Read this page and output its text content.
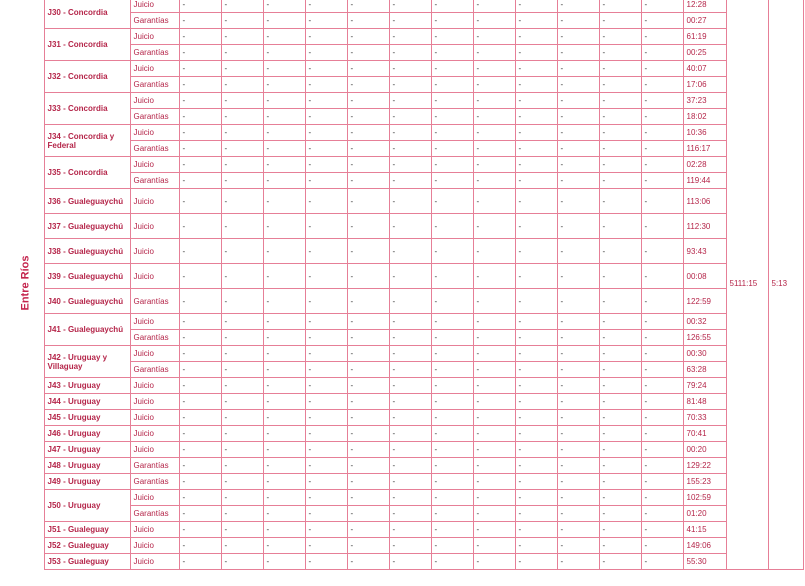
Entre Ríos	J30 - Concordia	Juicio	-	-	-	-	-	-	-	-	-	-	-	-	12:28	5111:15	5:13
		Garantías	-	-	-	-	-	-	-	-	-	-	-	-	00:27		
	J31 - Concordia	Juicio	-	-	-	-	-	-	-	-	-	-	-	-	61:19		
		Garantías	-	-	-	-	-	-	-	-	-	-	-	-	00:25		
	J32 - Concordia	Juicio	-	-	-	-	-	-	-	-	-	-	-	-	40:07		
		Garantías	-	-	-	-	-	-	-	-	-	-	-	-	17:06		
	J33 - Concordia	Juicio	-	-	-	-	-	-	-	-	-	-	-	-	37:23		
		Garantías	-	-	-	-	-	-	-	-	-	-	-	-	18:02		
	J34 - Concordia y Federal	Juicio	-	-	-	-	-	-	-	-	-	-	-	-	10:36		
		Garantías	-	-	-	-	-	-	-	-	-	-	-	-	116:17		
	J35 - Concordia	Juicio	-	-	-	-	-	-	-	-	-	-	-	-	02:28		
		Garantías	-	-	-	-	-	-	-	-	-	-	-	-	119:44		
	J36 - Gualeguaychú	Juicio	-	-	-	-	-	-	-	-	-	-	-	-	113:06		
	J37 - Gualeguaychú	Juicio	-	-	-	-	-	-	-	-	-	-	-	-	112:30		
	J38 - Gualeguaychú	Juicio	-	-	-	-	-	-	-	-	-	-	-	-	93:43		
	J39 - Gualeguaychú	Juicio	-	-	-	-	-	-	-	-	-	-	-	-	00:08		
	J40 - Gualeguaychú	Garantías	-	-	-	-	-	-	-	-	-	-	-	-	122:59		
	J41 - Gualeguaychú	Juicio	-	-	-	-	-	-	-	-	-	-	-	-	00:32		
		Garantías	-	-	-	-	-	-	-	-	-	-	-	-	126:55		
	J42 - Uruguay y Villaguay	Juicio	-	-	-	-	-	-	-	-	-	-	-	-	00:30		
		Garantías	-	-	-	-	-	-	-	-	-	-	-	-	63:28		
	J43 - Uruguay	Juicio	-	-	-	-	-	-	-	-	-	-	-	-	79:24		
	J44 - Uruguay	Juicio	-	-	-	-	-	-	-	-	-	-	-	-	81:48		
	J45 - Uruguay	Juicio	-	-	-	-	-	-	-	-	-	-	-	-	70:33		
	J46 - Uruguay	Juicio	-	-	-	-	-	-	-	-	-	-	-	-	70:41		
	J47 - Uruguay	Juicio	-	-	-	-	-	-	-	-	-	-	-	-	00:20		
	J48 - Uruguay	Garantías	-	-	-	-	-	-	-	-	-	-	-	-	129:22		
	J49 - Uruguay	Garantías	-	-	-	-	-	-	-	-	-	-	-	-	155:23		
	J50 - Uruguay	Juicio	-	-	-	-	-	-	-	-	-	-	-	-	102:59		
		Garantías	-	-	-	-	-	-	-	-	-	-	-	-	01:20		
	J51 - Gualeguay	Juicio	-	-	-	-	-	-	-	-	-	-	-	-	41:15		
	J52 - Gualeguay	Juicio	-	-	-	-	-	-	-	-	-	-	-	-	149:06		
	J53 - Gualeguay	Juicio	-	-	-	-	-	-	-	-	-	-	-	-	55:30		
